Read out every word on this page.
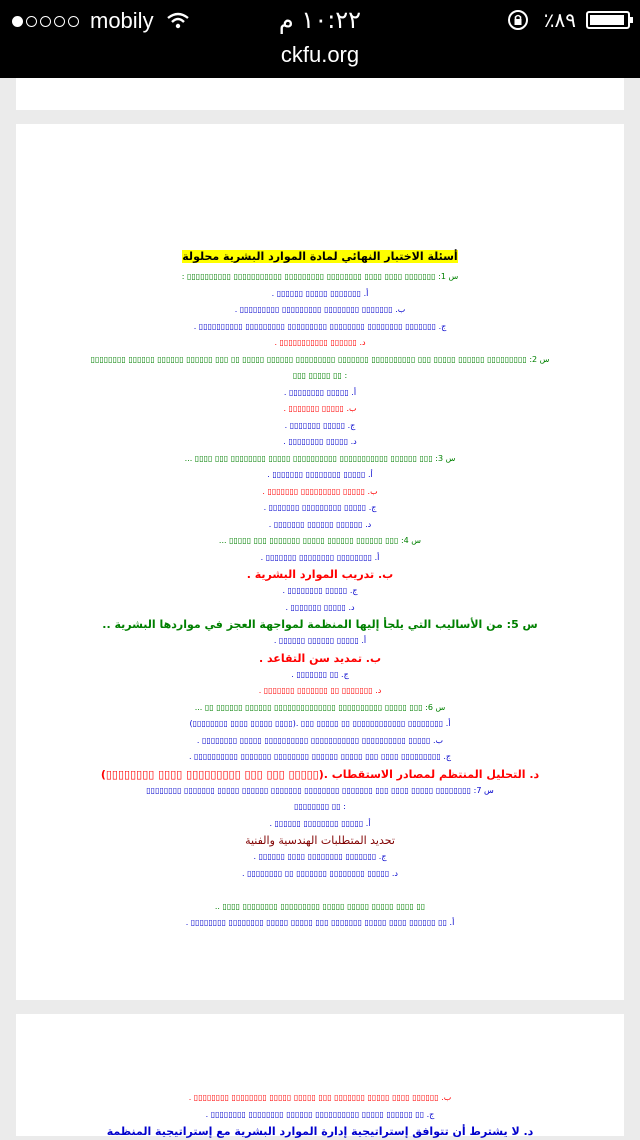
mobily	١٠:٢٢ م	٪٨٩
ckfu.org

أسئلة الاختبار النهائي لمادة الموارد البشرية محلولة

س 1: ▯▯▯▯▯▯▯ ▯▯▯▯ ▯▯▯▯ ▯▯▯▯▯▯▯▯ ▯▯▯▯▯▯▯▯▯ ▯▯▯▯▯▯▯▯▯▯▯ ▯▯▯▯▯▯▯▯▯▯ :

أ. ▯▯▯▯▯▯▯ ▯▯▯▯▯ ▯▯▯▯▯▯ .

ب. ▯▯▯▯▯▯▯ ▯▯▯▯▯▯▯▯ ▯▯▯▯▯▯▯▯▯ ▯▯▯▯▯▯▯▯▯ .

ج. ▯▯▯▯▯▯▯ ▯▯▯▯▯▯▯▯ ▯▯▯▯▯▯▯▯ ▯▯▯▯▯▯▯▯▯ ▯▯▯▯▯▯▯▯▯ ▯▯▯▯▯▯▯▯▯▯ .

د. ▯▯▯▯▯▯ ▯▯▯▯▯▯▯▯▯▯▯ .

س 2: ▯▯▯▯▯▯▯▯▯ ▯▯▯▯▯▯ ▯▯▯▯▯ ▯▯▯ ▯▯▯▯▯▯▯▯▯▯ ▯▯▯▯▯▯▯ ▯▯▯▯▯▯▯▯▯ ▯▯▯▯▯▯ ▯▯▯▯▯ ▯▯ ▯▯▯ ▯▯▯▯▯▯ ▯▯▯▯▯▯ ▯▯▯▯▯▯ ▯▯▯▯▯▯▯▯

: ▯▯ ▯▯▯▯▯ ▯▯▯

أ. ▯▯▯▯▯ ▯▯▯▯▯▯▯▯ .

ب. ▯▯▯▯▯ ▯▯▯▯▯▯▯ .

ج. ▯▯▯▯▯ ▯▯▯▯▯▯▯ .

د. ▯▯▯▯▯ ▯▯▯▯▯▯▯▯ .

س 3: ▯▯▯ ▯▯▯▯▯▯ ▯▯▯▯▯▯▯▯▯▯▯ ▯▯▯▯▯▯▯▯▯▯ ▯▯▯▯▯ ▯▯▯▯▯▯▯▯ ▯▯▯ ▯▯▯▯ ...

أ. ▯▯▯▯▯ ▯▯▯▯▯▯▯▯ ▯▯▯▯▯▯▯ .

ب. ▯▯▯▯▯ ▯▯▯▯▯▯▯▯▯ ▯▯▯▯▯▯▯ .

ج. ▯▯▯▯▯ ▯▯▯▯▯▯▯▯▯ ▯▯▯▯▯▯▯ .

د. ▯▯▯▯▯▯ ▯▯▯▯▯▯ ▯▯▯▯▯▯▯ .

س 4: ▯▯▯ ▯▯▯▯▯▯ ▯▯▯▯▯▯ ▯▯▯▯▯ ▯▯▯▯▯▯▯ ▯▯▯ ▯▯▯▯▯ ...

أ. ▯▯▯▯▯▯▯▯ ▯▯▯▯▯▯▯▯ ▯▯▯▯▯▯▯ .

ب. تدريب الموارد البشرية .

ج. ▯▯▯▯▯ ▯▯▯▯▯▯▯▯ .

د. ▯▯▯▯▯ ▯▯▯▯▯▯▯ .

س 5: من الأساليب التي يلجأ إليها المنظمة لمواجهة العجز في مواردها البشرية ..

أ. ▯▯▯▯▯ ▯▯▯▯▯▯ ▯▯▯▯▯▯ .

ب. تمديد سن التقاعد .

ج. ▯▯ ▯▯▯▯▯▯▯ .

د. ▯▯▯▯▯▯▯ ▯▯ ▯▯▯▯▯▯▯ ▯▯▯▯▯▯▯ .

س 6: ▯▯▯ ▯▯▯▯▯ ▯▯▯▯▯▯▯▯▯▯ ▯▯▯▯▯▯▯▯▯▯▯▯▯▯ ▯▯▯▯▯▯ ▯▯▯▯▯▯ ▯▯ ...

أ. ▯▯▯▯▯▯▯▯ ▯▯▯▯▯▯▯▯▯▯▯▯ ▯▯ ▯▯▯▯▯ ▯▯▯ .(▯▯▯▯ ▯▯▯▯▯ ▯▯▯▯ ▯▯▯▯▯▯▯▯)

ب. ▯▯▯▯▯ ▯▯▯▯▯▯▯▯▯▯ ▯▯▯▯▯▯▯▯▯▯▯ ▯▯▯▯▯▯▯▯▯▯ ▯▯▯▯▯ ▯▯▯▯▯▯▯▯ .

ج. ▯▯▯▯▯▯▯▯▯ ▯▯▯▯ ▯▯▯ ▯▯▯▯▯ ▯▯▯▯▯▯ ▯▯▯▯▯▯▯▯ ▯▯▯▯▯▯▯ ▯▯▯▯▯▯▯▯▯▯ .

د. التحليل المنتظم لمصادر الاستقطاب .(▯▯▯▯▯ ▯▯▯ ▯▯▯ ▯▯▯▯▯▯▯▯▯ ▯▯▯▯ ▯▯▯▯▯▯▯▯)

س 7: ▯▯▯▯▯▯▯▯ ▯▯▯▯▯ ▯▯▯▯ ▯▯▯ ▯▯▯▯▯▯▯ ▯▯▯▯▯▯▯▯ ▯▯▯▯▯▯▯ ▯▯▯▯▯▯ ▯▯▯▯▯ ▯▯▯▯▯▯▯ ▯▯▯▯▯▯▯▯

: ▯▯ ▯▯▯▯▯▯▯▯

أ. ▯▯▯▯▯ ▯▯▯▯▯▯▯▯ ▯▯▯▯▯▯ .

تحديد المتطلبات الهندسية والفنية

ج. ▯▯▯▯▯▯▯ ▯▯▯▯▯▯▯▯ ▯▯▯▯ ▯▯▯▯▯▯ .

د. ▯▯▯▯▯ ▯▯▯▯▯▯▯▯ ▯▯▯▯▯▯▯ ▯▯ ▯▯▯▯▯▯▯▯ .

▯▯ ▯▯▯▯ ▯▯▯▯▯ ▯▯▯▯▯ ▯▯▯▯▯ ▯▯▯▯▯▯▯▯▯ ▯▯▯▯▯▯▯▯ ▯▯▯▯ ..

أ. ▯▯ ▯▯▯▯▯▯ ▯▯▯▯ ▯▯▯▯▯ ▯▯▯▯▯▯▯ ▯▯▯ ▯▯▯▯▯ ▯▯▯▯▯ ▯▯▯▯▯▯▯▯ ▯▯▯▯▯▯▯▯ .

ب. ▯▯▯▯▯▯ ▯▯▯▯ ▯▯▯▯▯ ▯▯▯▯▯▯▯ ▯▯▯ ▯▯▯▯▯ ▯▯▯▯▯ ▯▯▯▯▯▯▯▯ ▯▯▯▯▯▯▯▯ .

ج. ▯▯ ▯▯▯▯▯▯ ▯▯▯▯▯ ▯▯▯▯▯▯▯▯▯▯ ▯▯▯▯▯▯ ▯▯▯▯▯▯▯▯ ▯▯▯▯▯▯▯▯ .

د. لا يشترط أن تتوافق إستراتيجية إدارة الموارد البشرية مع إستراتيجية المنظمة
